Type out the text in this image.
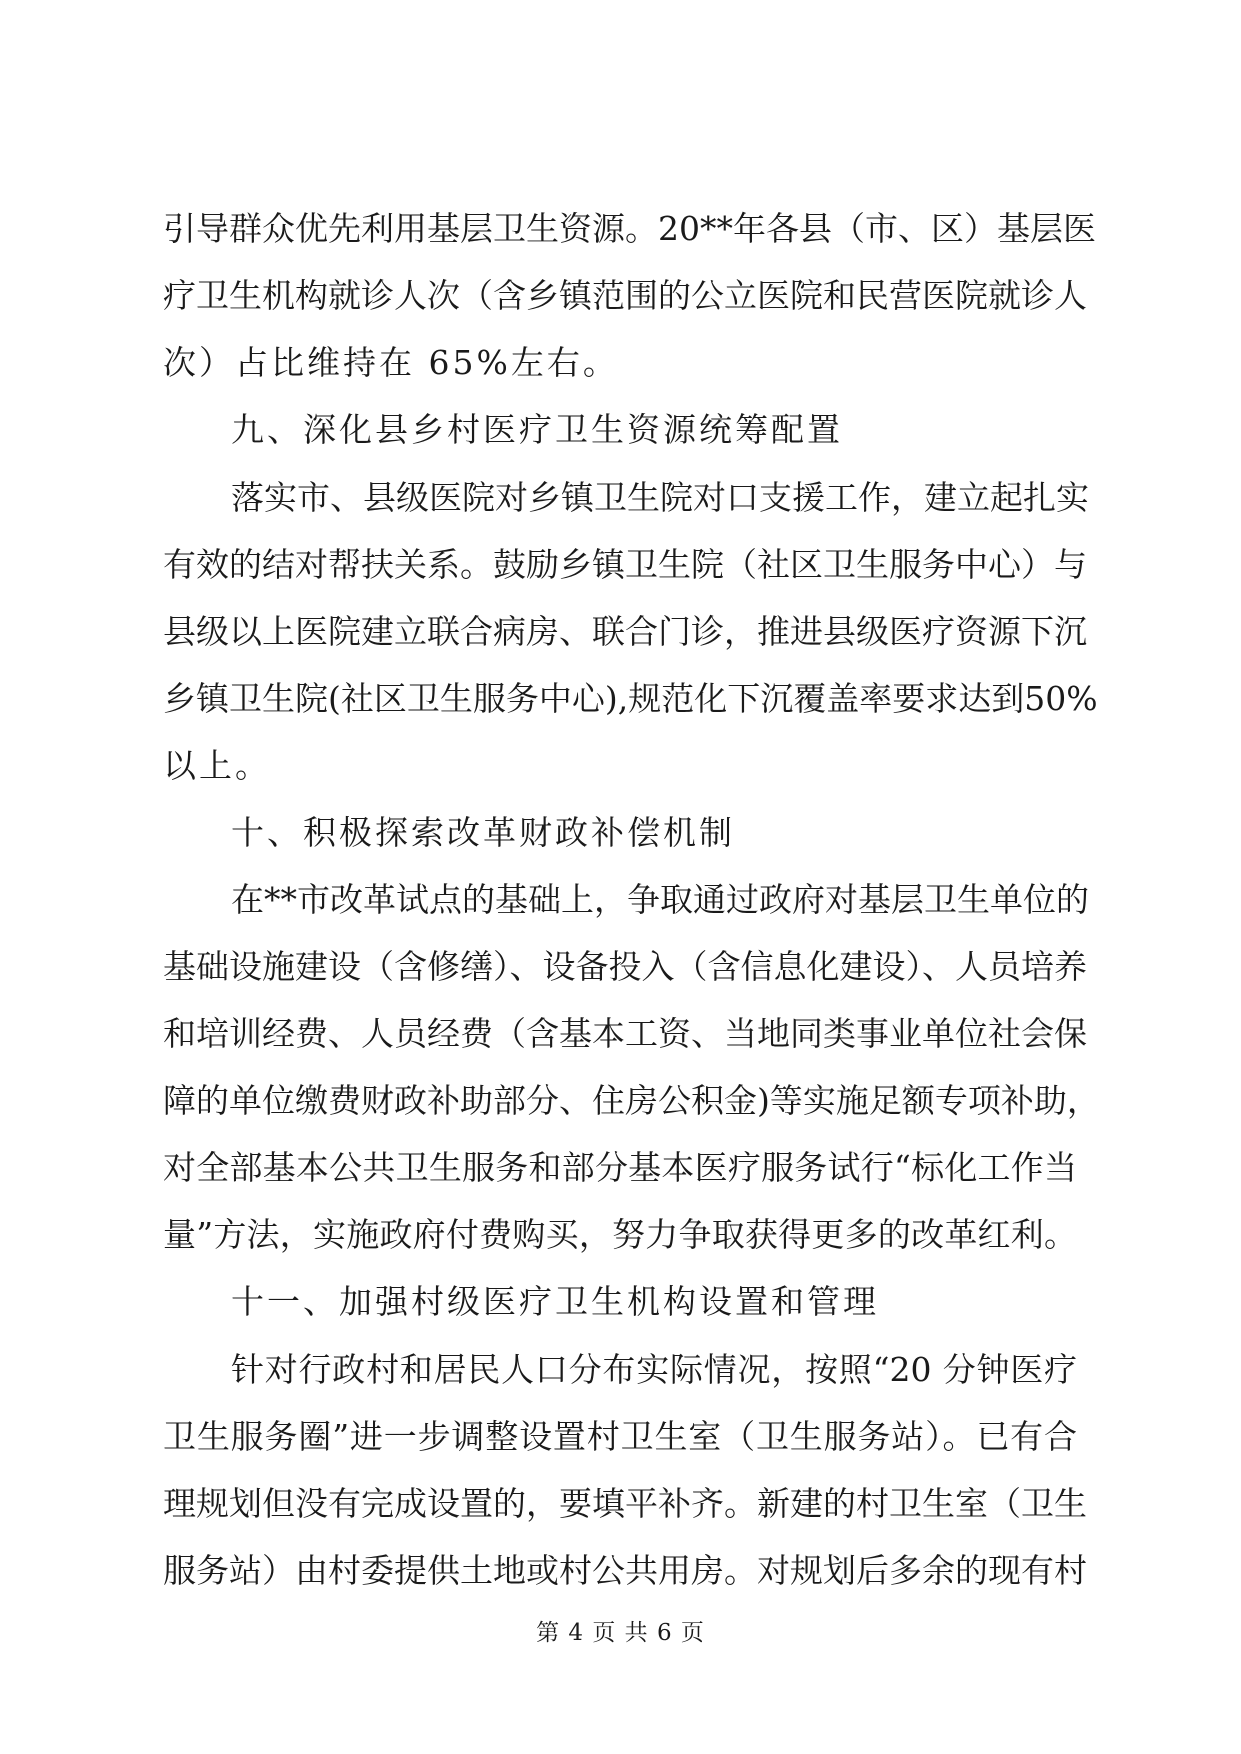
引导群众优先利用基层卫生资源。20**年各县（市、区）基层医
疗卫生机构就诊人次（含乡镇范围的公立医院和民营医院就诊人
次）占比维持在 65%左右。
九、深化县乡村医疗卫生资源统筹配置
落实市、县级医院对乡镇卫生院对口支援工作，建立起扎实
有效的结对帮扶关系。鼓励乡镇卫生院（社区卫生服务中心）与
县级以上医院建立联合病房、联合门诊，推进县级医疗资源下沉
乡镇卫生院(社区卫生服务中心),规范化下沉覆盖率要求达到50%
以上。
十、积极探索改革财政补偿机制
在**市改革试点的基础上，争取通过政府对基层卫生单位的
基础设施建设（含修缮）、设备投入（含信息化建设）、人员培养
和培训经费、人员经费（含基本工资、当地同类事业单位社会保
障的单位缴费财政补助部分、住房公积金)等实施足额专项补助，
对全部基本公共卫生服务和部分基本医疗服务试行“标化工作当
量”方法，实施政府付费购买，努力争取获得更多的改革红利。
十一、加强村级医疗卫生机构设置和管理
针对行政村和居民人口分布实际情况，按照“20 分钟医疗
卫生服务圈”进一步调整设置村卫生室（卫生服务站）。已有合
理规划但没有完成设置的，要填平补齐。新建的村卫生室（卫生
服务站）由村委提供土地或村公共用房。对规划后多余的现有村
第 4 页 共 6 页
